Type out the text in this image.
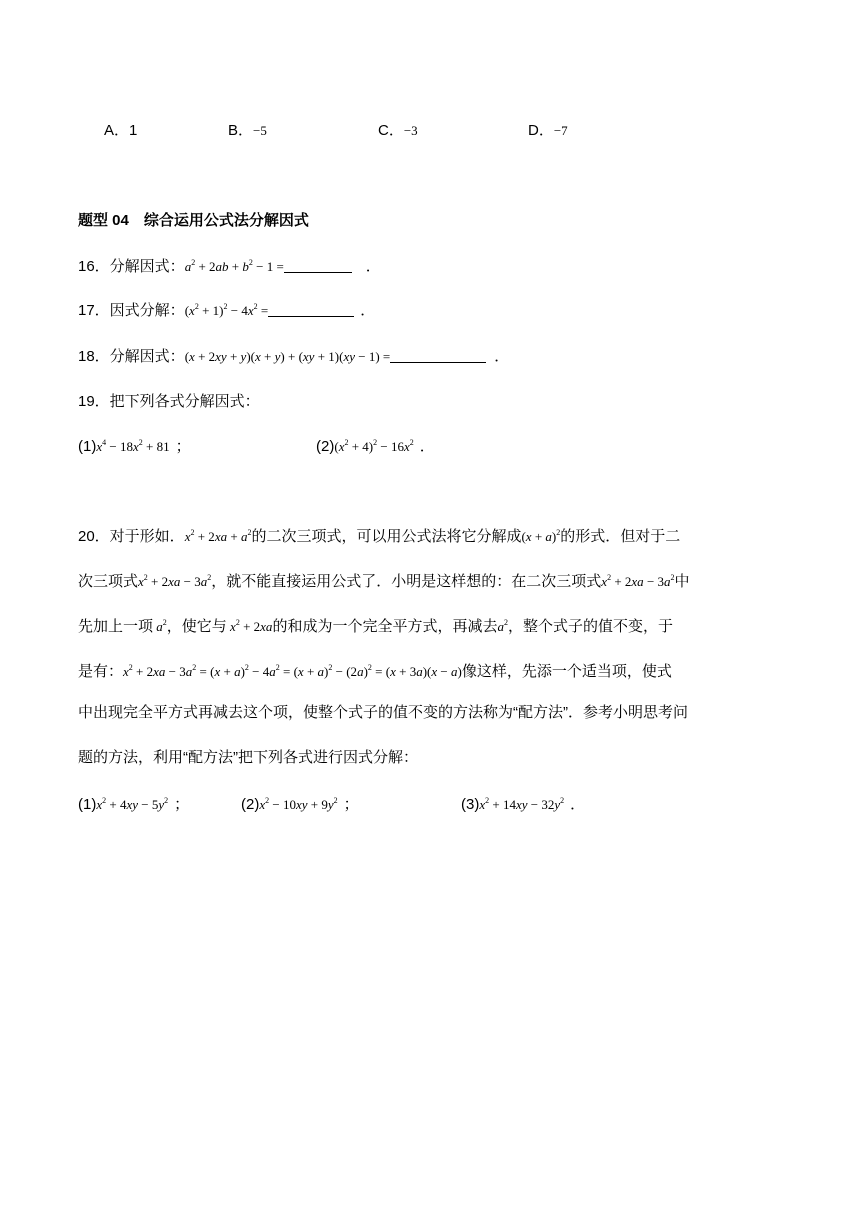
A．1	B．−5	C．−3	D．−7
题型 04　综合运用公式法分解因式
16．分解因式：$a^2 + 2ab + b^2 - 1$ =	．
17．因式分解：$(x^2 + 1)^2 - 4x^2$ =	．
18．分解因式：(x + 2xy + y)(x + y) + (xy + 1)(xy − 1) =	．
19．把下列各式分解因式：
$(1)x^4 - 18x^2 + 81$ ；	$(2)(x^2 + 4)^2 - 16x^2$ ．
20．对于形如．$x^2 + 2xa + a^2$的二次三项式，可以用公式法将它分解成$(x + a)^2$的形式．但对于二
次三项式$x^2 + 2xa - 3a^2$，就不能直接运用公式了．小明是这样想的：在二次三项式$x^2 + 2xa - 3a^2$中
先加上一项 $a^2$，使它与 $x^2 + 2xa$的和成为一个完全平方式，再减去$a^2$，整个式子的值不变，于
是有：$x^2 + 2xa - 3a^2 = (x + a)^2 - 4a^2 = (x + a)^2 - (2a)^2 = (x + 3a)(x - a)$像这样，先添一个适当项，使式
中出现完全平方式再减去这个项，使整个式子的值不变的方法称为“配方法”．参考小明思考问
题的方法，利用“配方法”把下列各式进行因式分解：
$(1)x^2 + 4xy - 5y^2$ ；	$(2)x^2 - 10xy + 9y^2$ ；	$(3)x^2 + 14xy - 32y^2$ ．
